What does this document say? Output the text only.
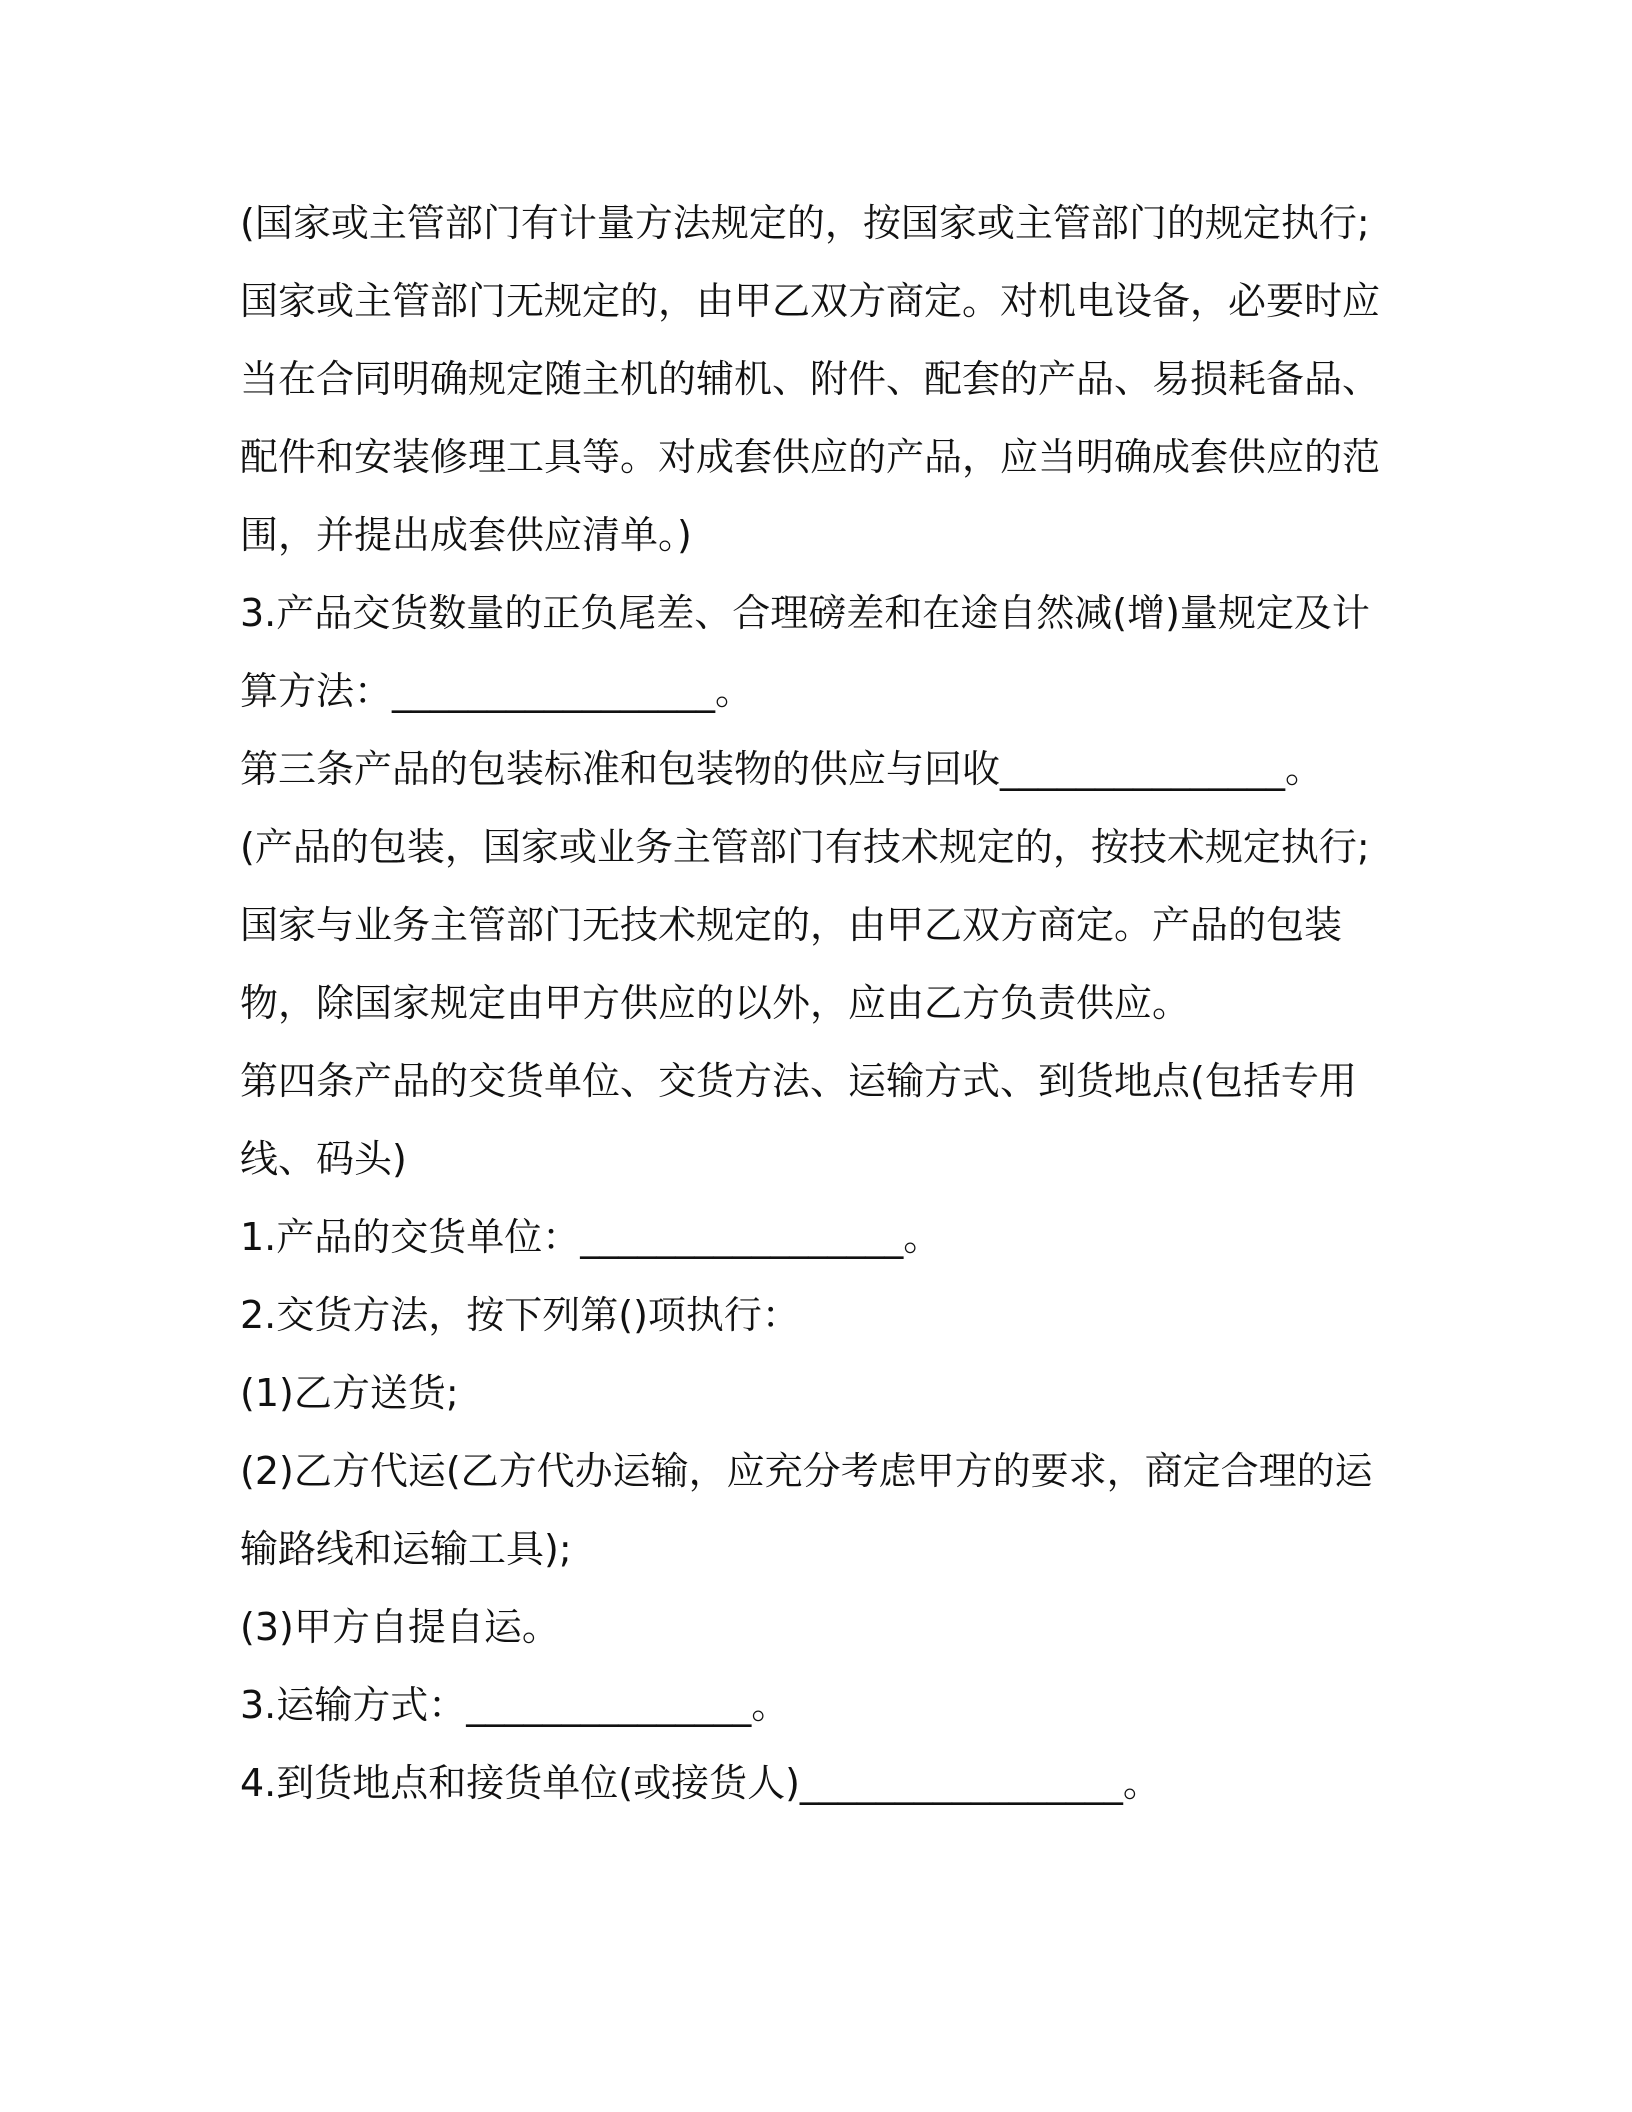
(国家或主管部门有计量方法规定的，按国家或主管部门的规定执行;国家或主管部门无规定的，由甲乙双方商定。对机电设备，必要时应当在合同明确规定随主机的辅机、附件、配套的产品、易损耗备品、配件和安装修理工具等。对成套供应的产品，应当明确成套供应的范围，并提出成套供应清单。)

3.产品交货数量的正负尾差、合理磅差和在途自然减(增)量规定及计算方法：_________________。

第三条产品的包装标准和包装物的供应与回收_______________。

(产品的包装，国家或业务主管部门有技术规定的，按技术规定执行;国家与业务主管部门无技术规定的，由甲乙双方商定。产品的包装物，除国家规定由甲方供应的以外，应由乙方负责供应。

第四条产品的交货单位、交货方法、运输方式、到货地点(包括专用线、码头)

1.产品的交货单位：_________________。

2.交货方法，按下列第()项执行：

(1)乙方送货;

(2)乙方代运(乙方代办运输，应充分考虑甲方的要求，商定合理的运输路线和运输工具);

(3)甲方自提自运。

3.运输方式：_______________。

4.到货地点和接货单位(或接货人)_________________。
